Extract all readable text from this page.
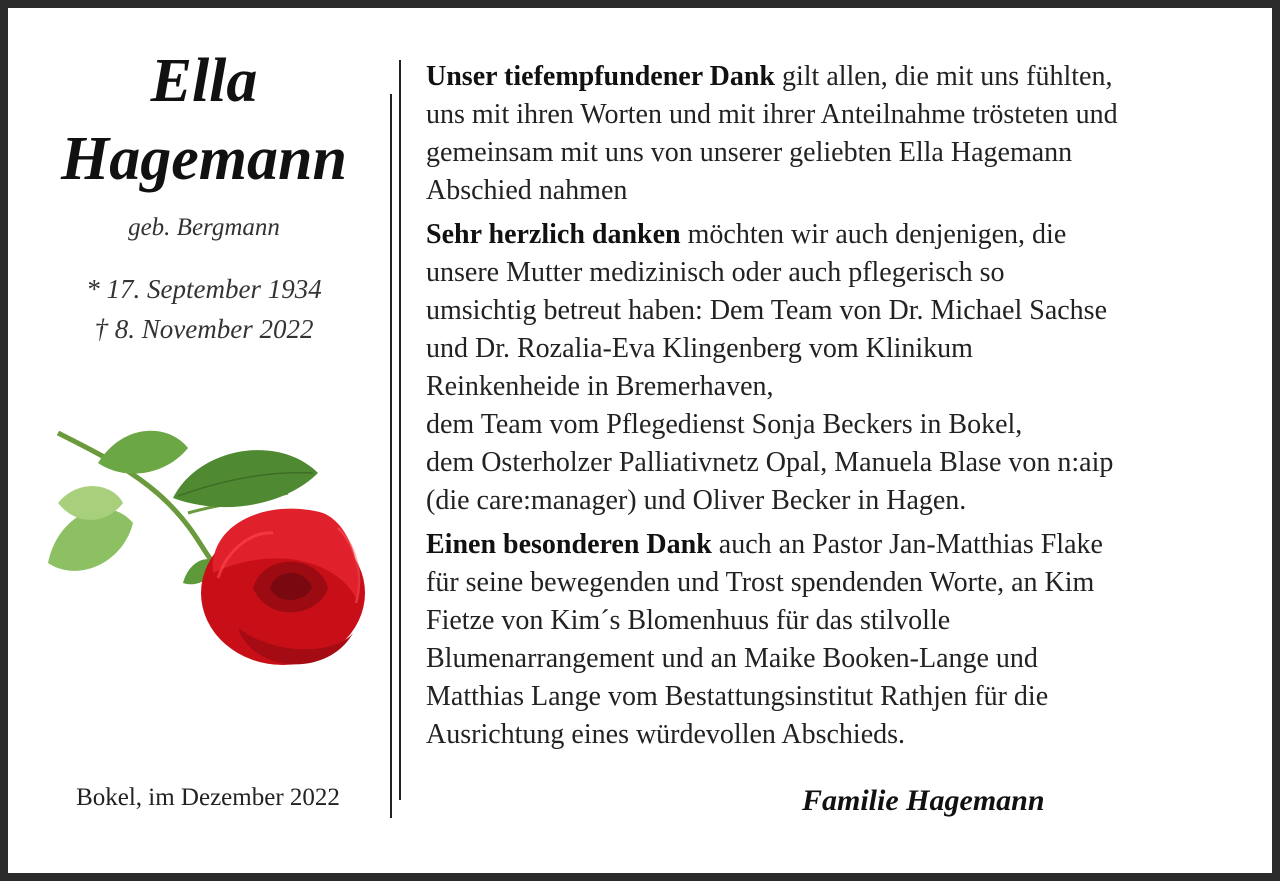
Ella
Hagemann
geb. Bergmann
* 17. September 1934
† 8. November 2022
Bokel, im Dezember 2022

Unser tiefempfundener Dank gilt allen, die mit uns fühlten,
uns mit ihren Worten und mit ihrer Anteilnahme trösteten und
gemeinsam mit uns von unserer geliebten Ella Hagemann
Abschied nahmen

Sehr herzlich danken möchten wir auch denjenigen, die
unsere Mutter medizinisch oder auch pflegerisch so
umsichtig betreut haben: Dem Team von Dr. Michael Sachse
und Dr. Rozalia-Eva Klingenberg vom Klinikum
Reinkenheide in Bremerhaven,
dem Team vom Pflegedienst Sonja Beckers in Bokel,
dem Osterholzer Palliativnetz Opal, Manuela Blase von n:aip
(die care:manager) und Oliver Becker in Hagen.

Einen besonderen Dank auch an Pastor Jan-Matthias Flake
für seine bewegenden und Trost spendenden Worte, an Kim
Fietze von Kim´s Blomenhuus für das stilvolle
Blumenarrangement und an Maike Booken-Lange und
Matthias Lange vom Bestattungsinstitut Rathjen für die
Ausrichtung eines würdevollen Abschieds.

Familie Hagemann
